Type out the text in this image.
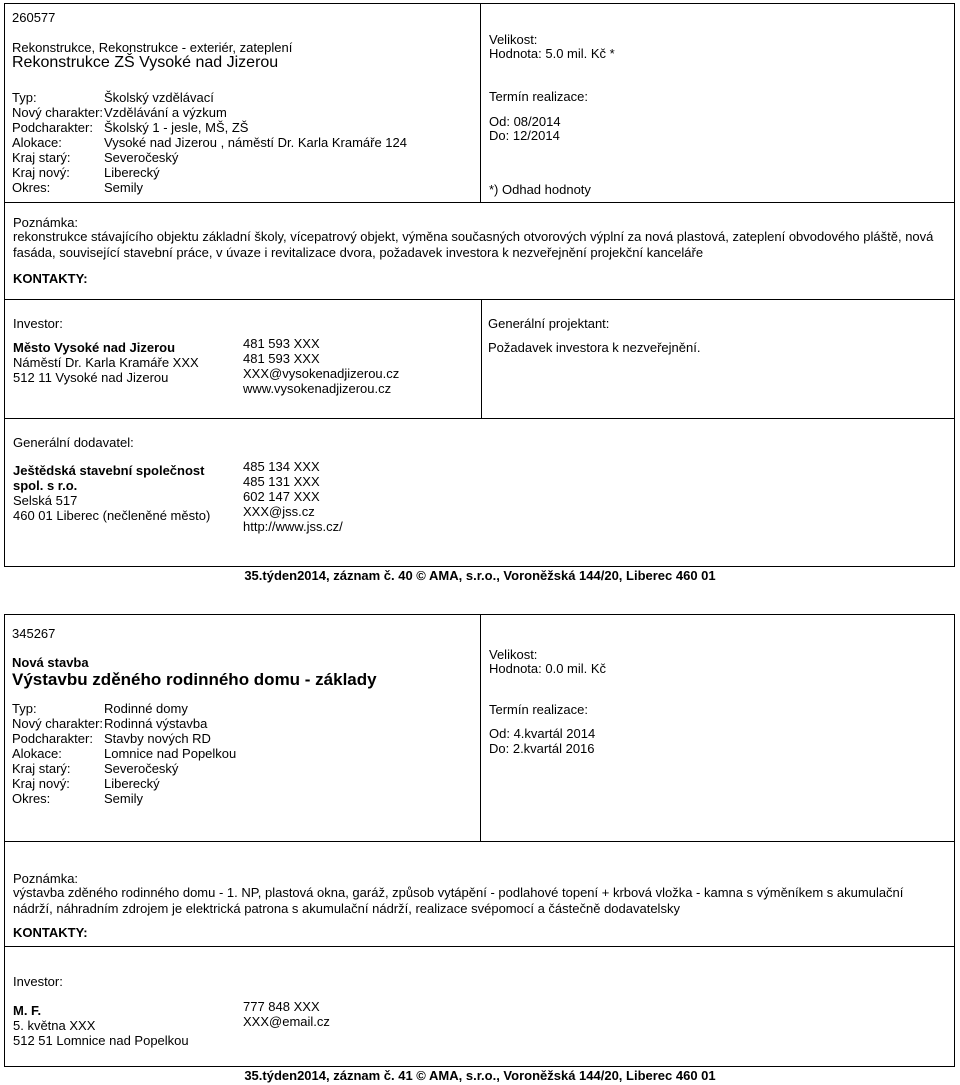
260577
Rekonstrukce, Rekonstrukce - exteriér, zateplení
Rekonstrukce ZŠ Vysoké nad Jizerou
Typ:	Školský vzdělávací
Nový charakter: Vzdělávání a výzkum
Podcharakter: Školský 1 - jesle, MŠ, ZŠ
Alokace:	Vysoké nad Jizerou , náměstí Dr. Karla Kramáře 124
Kraj starý:	Severočeský
Kraj nový:	Liberecký
Okres:	Semily
Velikost:
Hodnota: 5.0 mil. Kč *
Termín realizace:
Od: 08/2014
Do: 12/2014
*) Odhad hodnoty
Poznámka:
rekonstrukce stávajícího objektu základní školy, vícepatrový objekt, výměna současných otvorových výplní za nová plastová, zateplení obvodového pláště, nová fasáda, související stavební práce, v úvaze i revitalizace dvora, požadavek investora k nezveřejnění projekční kanceláře
KONTAKTY:
Investor:
Město Vysoké nad Jizerou
Náměstí Dr. Karla Kramáře XXX
512 11 Vysoké nad Jizerou
481 593 XXX
481 593 XXX
XXX@vysokenadjizerou.cz
www.vysokenadjizerou.cz
Generální projektant:
Požadavek investora k nezveřejnění.
Generální dodavatel:
Ještědská stavební společnost
spol. s r.o.
Selská 517
460 01 Liberec (nečleněné město)
485 134 XXX
485 131 XXX
602 147 XXX
XXX@jss.cz
http://www.jss.cz/
35.týden2014, záznam č. 40 © AMA, s.r.o., Voroněžská 144/20, Liberec 460 01
345267
Nová stavba
Výstavbu zděného rodinného domu - základy
Typ:	Rodinné domy
Nový charakter: Rodinná výstavba
Podcharakter: Stavby nových RD
Alokace:	Lomnice nad Popelkou
Kraj starý:	Severočeský
Kraj nový:	Liberecký
Okres:	Semily
Velikost:
Hodnota: 0.0 mil. Kč
Termín realizace:
Od: 4.kvartál 2014
Do: 2.kvartál 2016
Poznámka:
výstavba zděného rodinného domu - 1. NP, plastová okna, garáž, způsob vytápění - podlahové topení + krbová vložka - kamna s výměníkem s akumulační nádrží, náhradním zdrojem je elektrická patrona s akumulační nádrží, realizace svépomocí a částečně dodavatelsky
KONTAKTY:
Investor:
M. F.
5. května XXX
512 51 Lomnice nad Popelkou
777 848 XXX
XXX@email.cz
35.týden2014, záznam č. 41 © AMA, s.r.o., Voroněžská 144/20, Liberec 460 01
